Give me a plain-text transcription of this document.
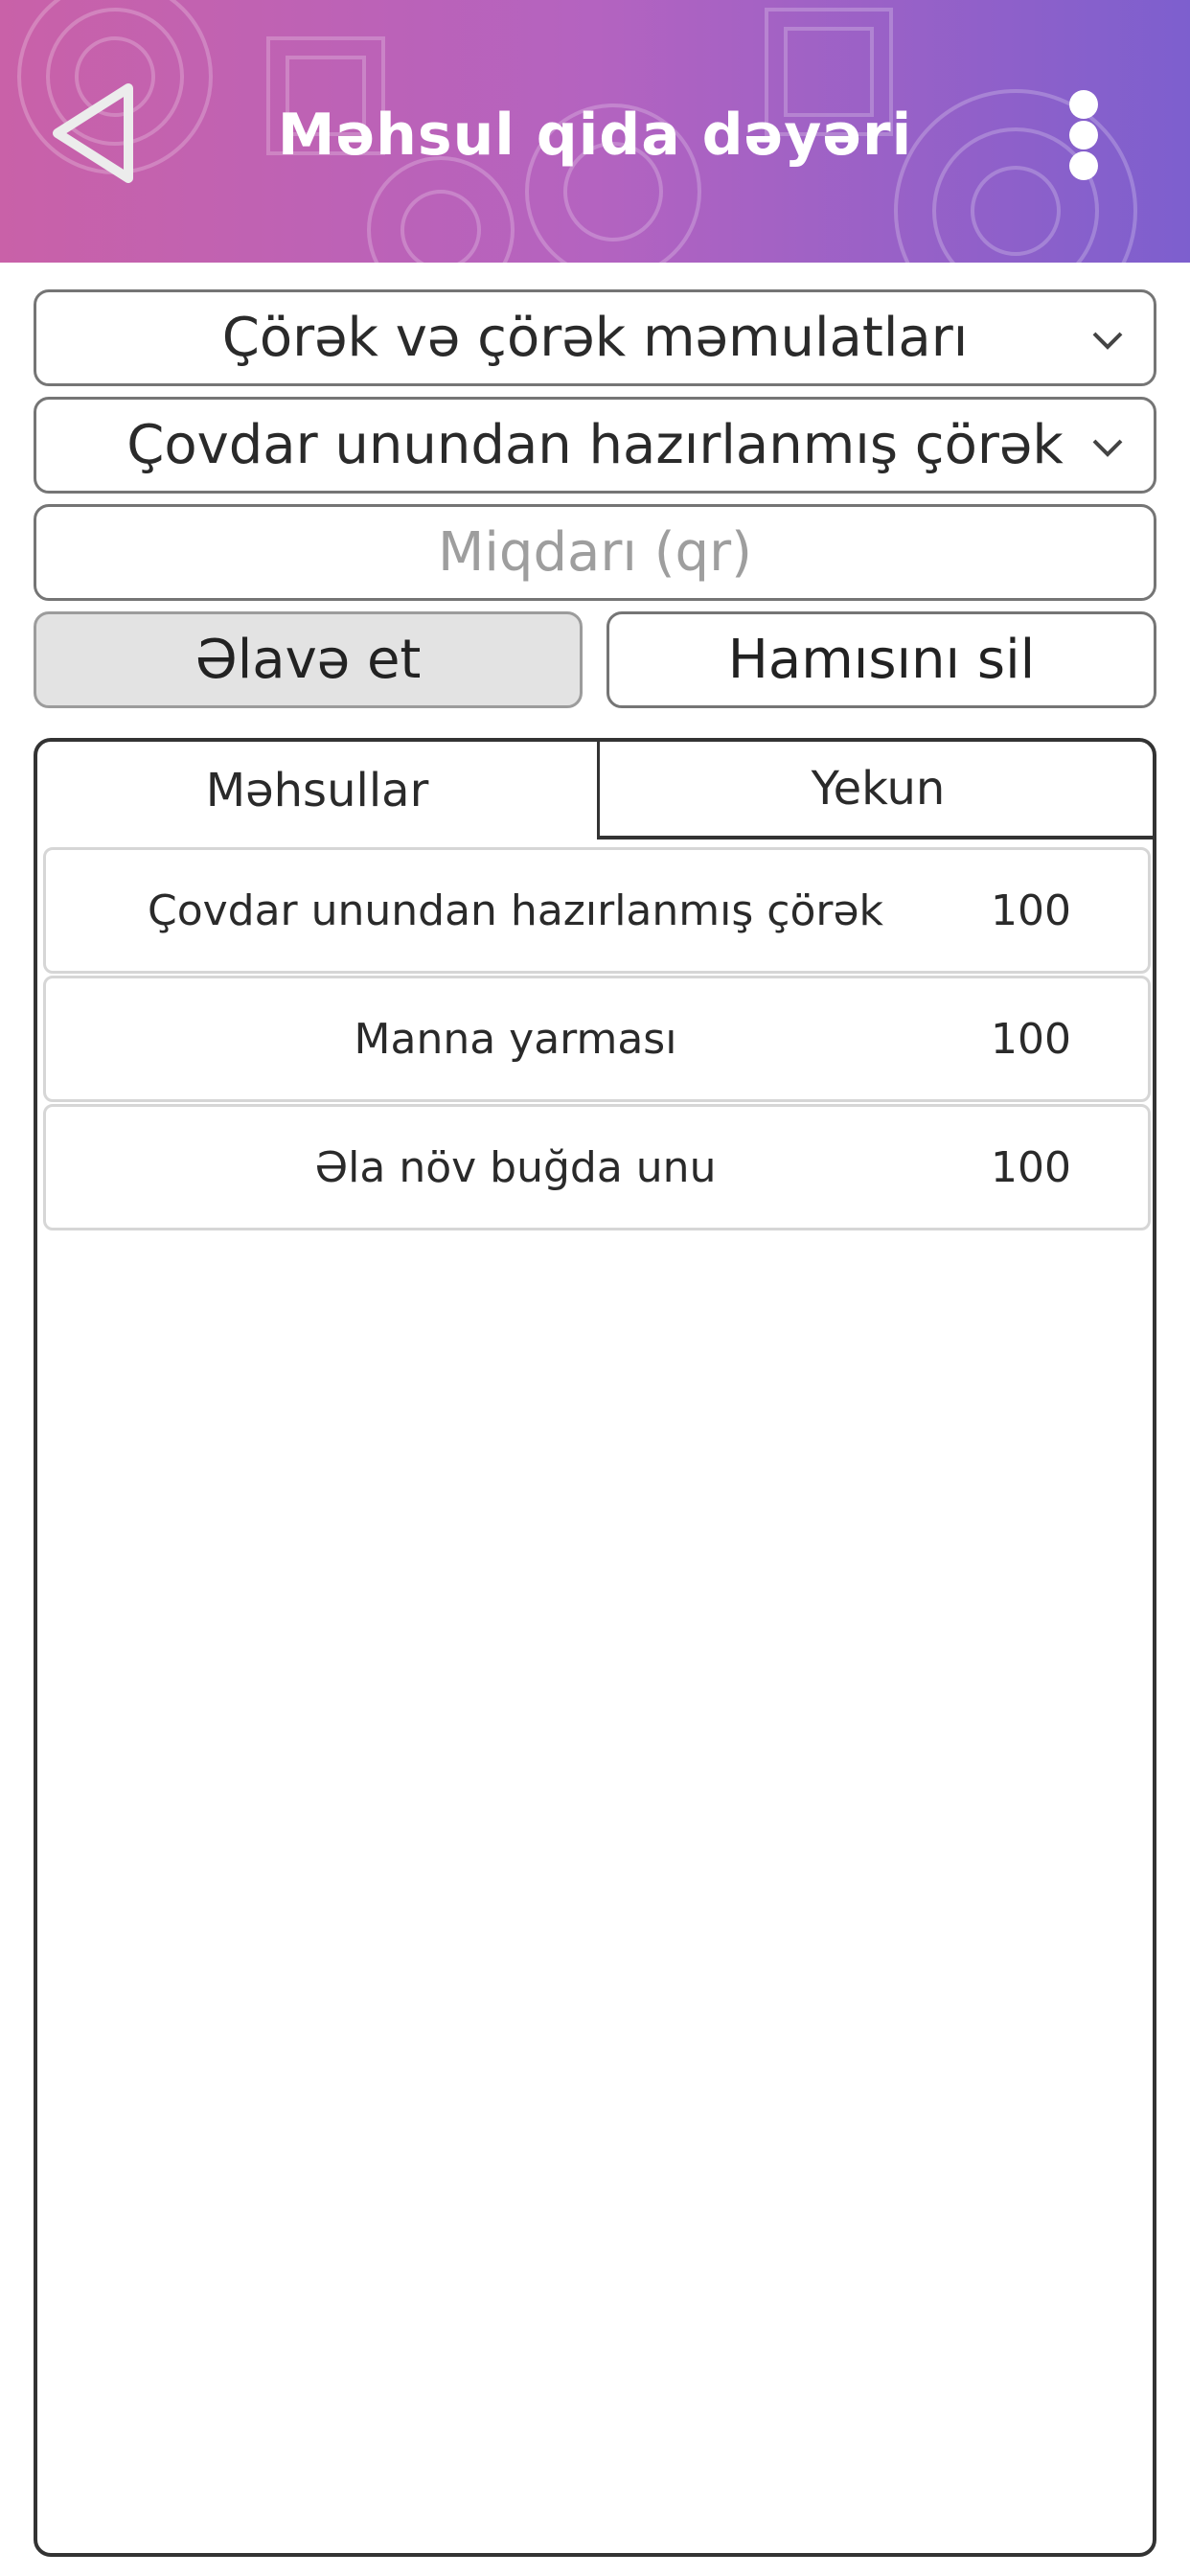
Məhsul qida dəyəri
Çörək və çörək məmulatları
Çovdar unundan hazırlanmış çörək
Miqdarı (qr)
Əlavə et	Hamısını sil
Məhsullar	Yekun
Çovdar unundan hazırlanmış çörək	100
Manna yarması	100
Əla növ buğda unu	100
